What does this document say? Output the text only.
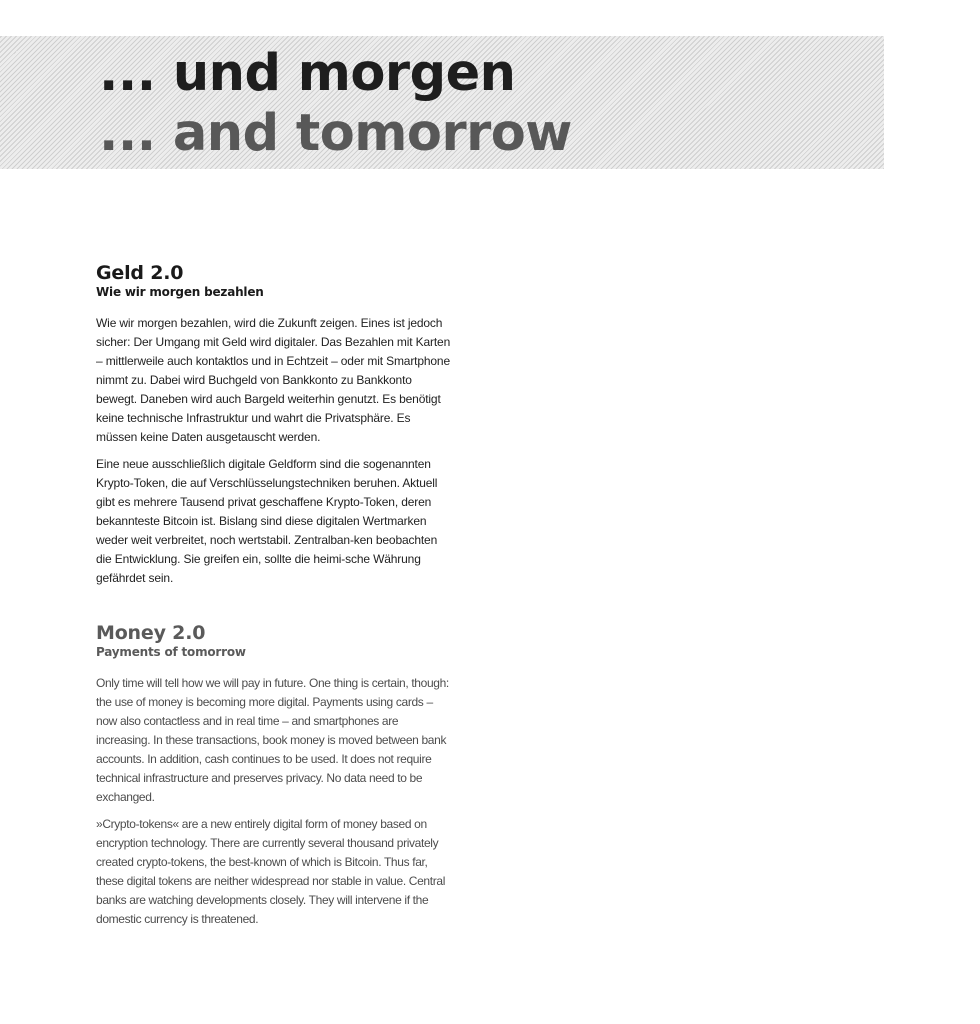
... und morgen
... and tomorrow
Geld 2.0
Wie wir morgen bezahlen

Wie wir morgen bezahlen, wird die Zukunft zeigen. Eines ist jedoch sicher: Der Umgang mit Geld wird digitaler. Das Bezahlen mit Karten – mittlerweile auch kontaktlos und in Echtzeit – oder mit Smartphone nimmt zu. Dabei wird Buchgeld von Bankkonto zu Bankkonto bewegt. Daneben wird auch Bargeld weiterhin genutzt. Es benötigt keine technische Infrastruktur und wahrt die Privatsphäre. Es müssen keine Daten ausgetauscht werden.

Eine neue ausschließlich digitale Geldform sind die sogenannten Krypto-Token, die auf Verschlüsselungstechniken beruhen. Aktuell gibt es mehrere Tausend privat geschaffene Krypto-Token, deren bekannteste Bitcoin ist. Bislang sind diese digitalen Wertmarken weder weit verbreitet, noch wertstabil. Zentralban-ken beobachten die Entwicklung. Sie greifen ein, sollte die heimi-sche Währung gefährdet sein.

Money 2.0
Payments of tomorrow

Only time will tell how we will pay in future. One thing is certain, though: the use of money is becoming more digital. Payments using cards – now also contactless and in real time – and smartphones are increasing. In these transactions, book money is moved between bank accounts. In addition, cash continues to be used. It does not require technical infrastructure and preserves privacy. No data need to be exchanged.

»Crypto-tokens« are a new entirely digital form of money based on encryption technology. There are currently several thousand privately created crypto-tokens, the best-known of which is Bitcoin. Thus far, these digital tokens are neither widespread nor stable in value. Central banks are watching developments closely. They will intervene if the domestic currency is threatened.
